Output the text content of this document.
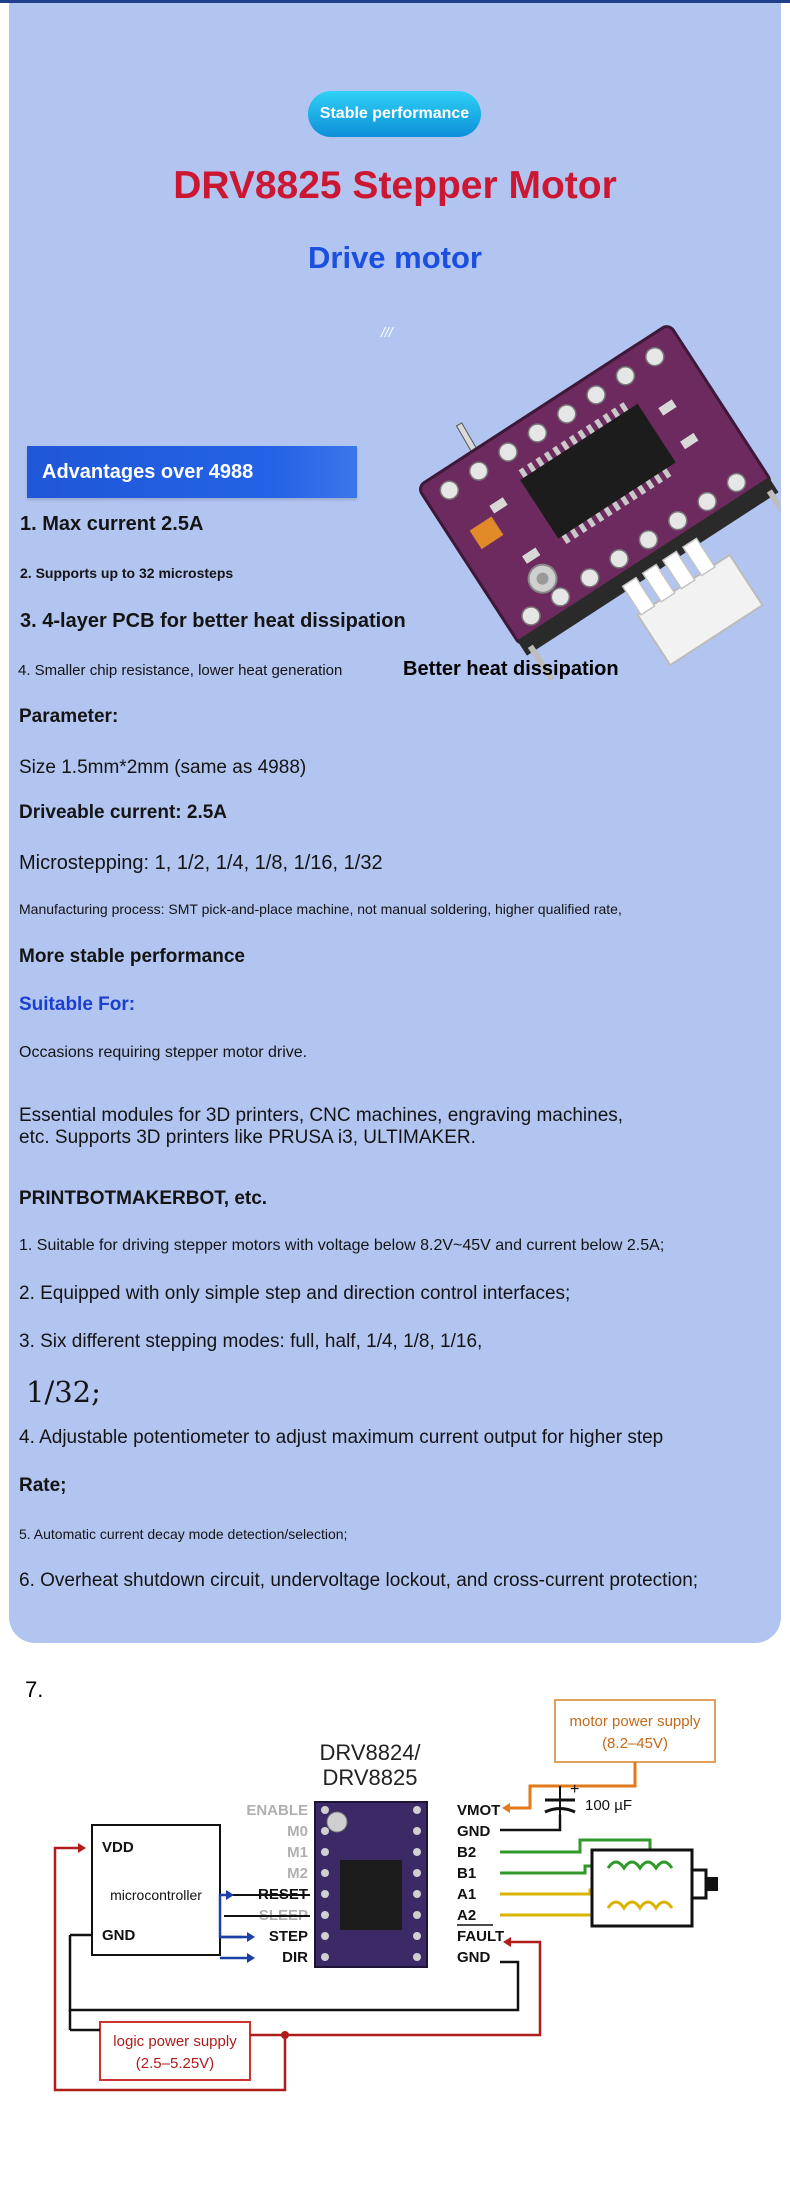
Stable performance
DRV8825 Stepper Motor
Drive motor
///
Advantages over 4988
1. Max current 2.5A
2. Supports up to 32 microsteps
3. 4-layer PCB for better heat dissipation
4. Smaller chip resistance, lower heat generation	Better heat dissipation
Parameter:
Size 1.5mm*2mm (same as 4988)
Driveable current: 2.5A
Microstepping: 1, 1/2, 1/4, 1/8, 1/16, 1/32
Manufacturing process: SMT pick-and-place machine, not manual soldering, higher qualified rate,
More stable performance
Suitable For:
Occasions requiring stepper motor drive.
Essential modules for 3D printers, CNC machines, engraving machines,
etc. Supports 3D printers like PRUSA i3, ULTIMAKER.
PRINTBOTMAKERBOT, etc.
1. Suitable for driving stepper motors with voltage below 8.2V~45V and current below 2.5A;
2. Equipped with only simple step and direction control interfaces;
3. Six different stepping modes: full, half, 1/4, 1/8, 1/16,
1/32;
4. Adjustable potentiometer to adjust maximum current output for higher step
Rate;
5. Automatic current decay mode detection/selection;
6. Overheat shutdown circuit, undervoltage lockout, and cross-current protection;
7.
motor power supply
(8.2–45V)
DRV8824/
DRV8825
ENABLE
M0
M1
M2
RESET
SLEEP
STEP
DIR
VMOT
GND
B2
B1
A1
A2
FAULT
GND
+
100 µF
VDD
microcontroller
GND
logic power supply
(2.5–5.25V)
